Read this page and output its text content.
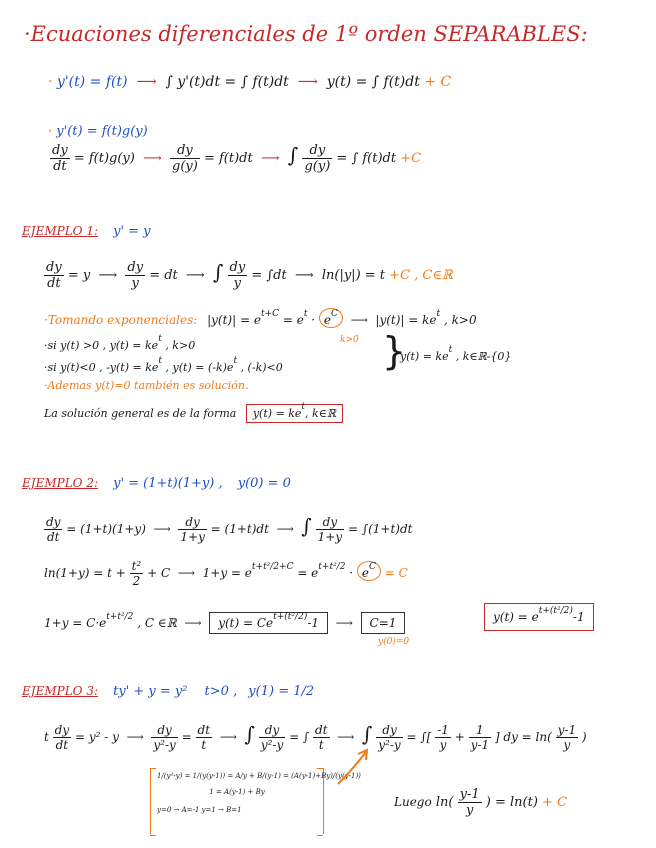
·Ecuaciones diferenciales de 1º orden SEPARABLES:
· y'(t) = f(t)  ⟶  ∫ y'(t)dt = ∫ f(t)dt  ⟶  y(t) = ∫ f(t)dt + C
· y'(t) = f(t)g(y)
$\frac{dy}{dt} = f(t)g(y)$  ⟶ $\frac{dy}{g(y)} = f(t)dt$  ⟶  ∫ $\frac{dy}{g(y)}$ = ∫ f(t)dt +C
EJEMPLO 1: y' = y
$\frac{dy}{dt} = y$  ⟶ $\frac{dy}{y}$ = dt  ⟶  ∫ $\frac{dy}{y} = \int dt$  ⟶  ln(|y|) = t +C , C∈ℝ
·Tomando exponenciales: $|y(t)| = e^{t+C} = e^t \cdot e^C$  ⟶  $|y(t)| = ke^t$ , k>0
k>0
·si y(t) >0 , $y(t) = ke^t$ , k>0
·si y(t)<0 , $-y(t) = ke^t$ , $y(t) = (-k)e^t$ , (-k)<0	}
$y(t) = ke^t$ , k∈ℝ-{0}
·Ademas y(t)=0 también es solución.
La solución general es de la forma $y(t) = ke^t$, k∈ℝ
EJEMPLO 2: y' = (1+t)(1+y) , y(0) = 0
$\frac{dy}{dt} = (1+t)(1+y)$  ⟶ $\frac{dy}{1+y} = (1+t)dt$  ⟶  ∫ $\frac{dy}{1+y} = \int(1+t)dt$
$\ln(1+y) = t + \frac{\text{t²}}{2} + C$  ⟶  $1+y = e^{t+t^2/2+C} = e^{t+t^2/2} \cdot e^C = C$
$1+y = C\cdot e^{t+t^2/2}$ , C ∈ℝ  ⟶  $y(t) = Ce^{t+(t^2/2)}-1$  ⟶  C=1
y(0)=0
$y(t) = e^{t+(t^2/2)}-1$
EJEMPLO 3: ty' + y = y² t>0 , y(1) = 1/2
t $\frac{dy}{dt} = y^2 - y$  ⟶ $\frac{dy}{\text{y²-y}} = \frac{dt}{t}$ ⟶  ∫ $\frac{dy}{\text{y²-y}}$ = ∫ $\frac{dt}{t}$ ⟶  ∫ $\frac{dy}{\text{y²-y}}$ = ∫[ $\frac{-1}{y} + \frac{1}{y-1}$ ] dy = $\ln( \frac{y-1}{y}$ )
1/(y²-y) = 1/(y(y-1)) = A/y + B/(y-1) = (A(y-1)+By)/(y(y-1))
1 = A(y-1) + By
y=0 → A=-1 y=1 → B=1
Luego $\ln( \frac{y-1}{y}$ ) = ln(t) + C
